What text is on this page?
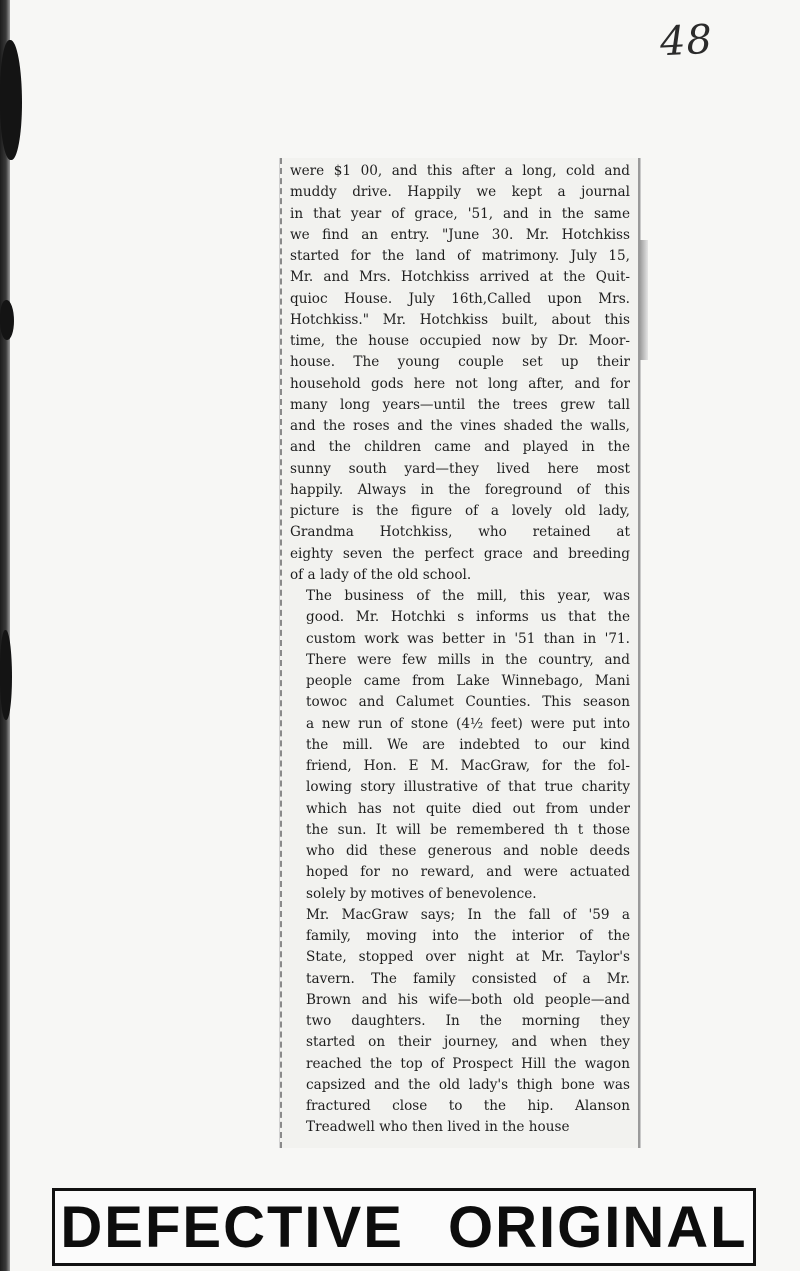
48

were $1 00, and this after a long, cold and
muddy drive. Happily we kept a journal
in that year of grace, '51, and in the same
we find an entry. "June 30. Mr. Hotchkiss
started for the land of matrimony. July 15,
Mr. and Mrs. Hotchkiss arrived at the Quit-
quioc House. July 16th,Called upon Mrs.
Hotchkiss." Mr. Hotchkiss built, about this
time, the house occupied now by Dr. Moor-
house. The young couple set up their
household gods here not long after, and for
many long years—until the trees grew tall
and the roses and the vines shaded the walls,
and the children came and played in the
sunny south yard—they lived here most
happily. Always in the foreground of this
picture is the figure of a lovely old lady,
Grandma Hotchkiss, who retained at
eighty seven the perfect grace and breeding
of a lady of the old school.

The business of the mill, this year, was
good. Mr. Hotchki s informs us that the
custom work was better in '51 than in '71.
There were few mills in the country, and
people came from Lake Winnebago, Mani
towoc and Calumet Counties. This season
a new run of stone (4½ feet) were put into
the mill. We are indebted to our kind
friend, Hon. E M. MacGraw, for the fol-
lowing story illustrative of that true charity
which has not quite died out from under
the sun. It will be remembered th t those
who did these generous and noble deeds
hoped for no reward, and were actuated
solely by motives of benevolence.

Mr. MacGraw says; In the fall of '59 a
family, moving into the interior of the
State, stopped over night at Mr. Taylor's
tavern. The family consisted of a Mr.
Brown and his wife—both old people—and
two daughters. In the morning they
started on their journey, and when they
reached the top of Prospect Hill the wagon
capsized and the old lady's thigh bone was
fractured close to the hip. Alanson
Treadwell who then lived in the house

DEFECTIVE ORIGINAL
